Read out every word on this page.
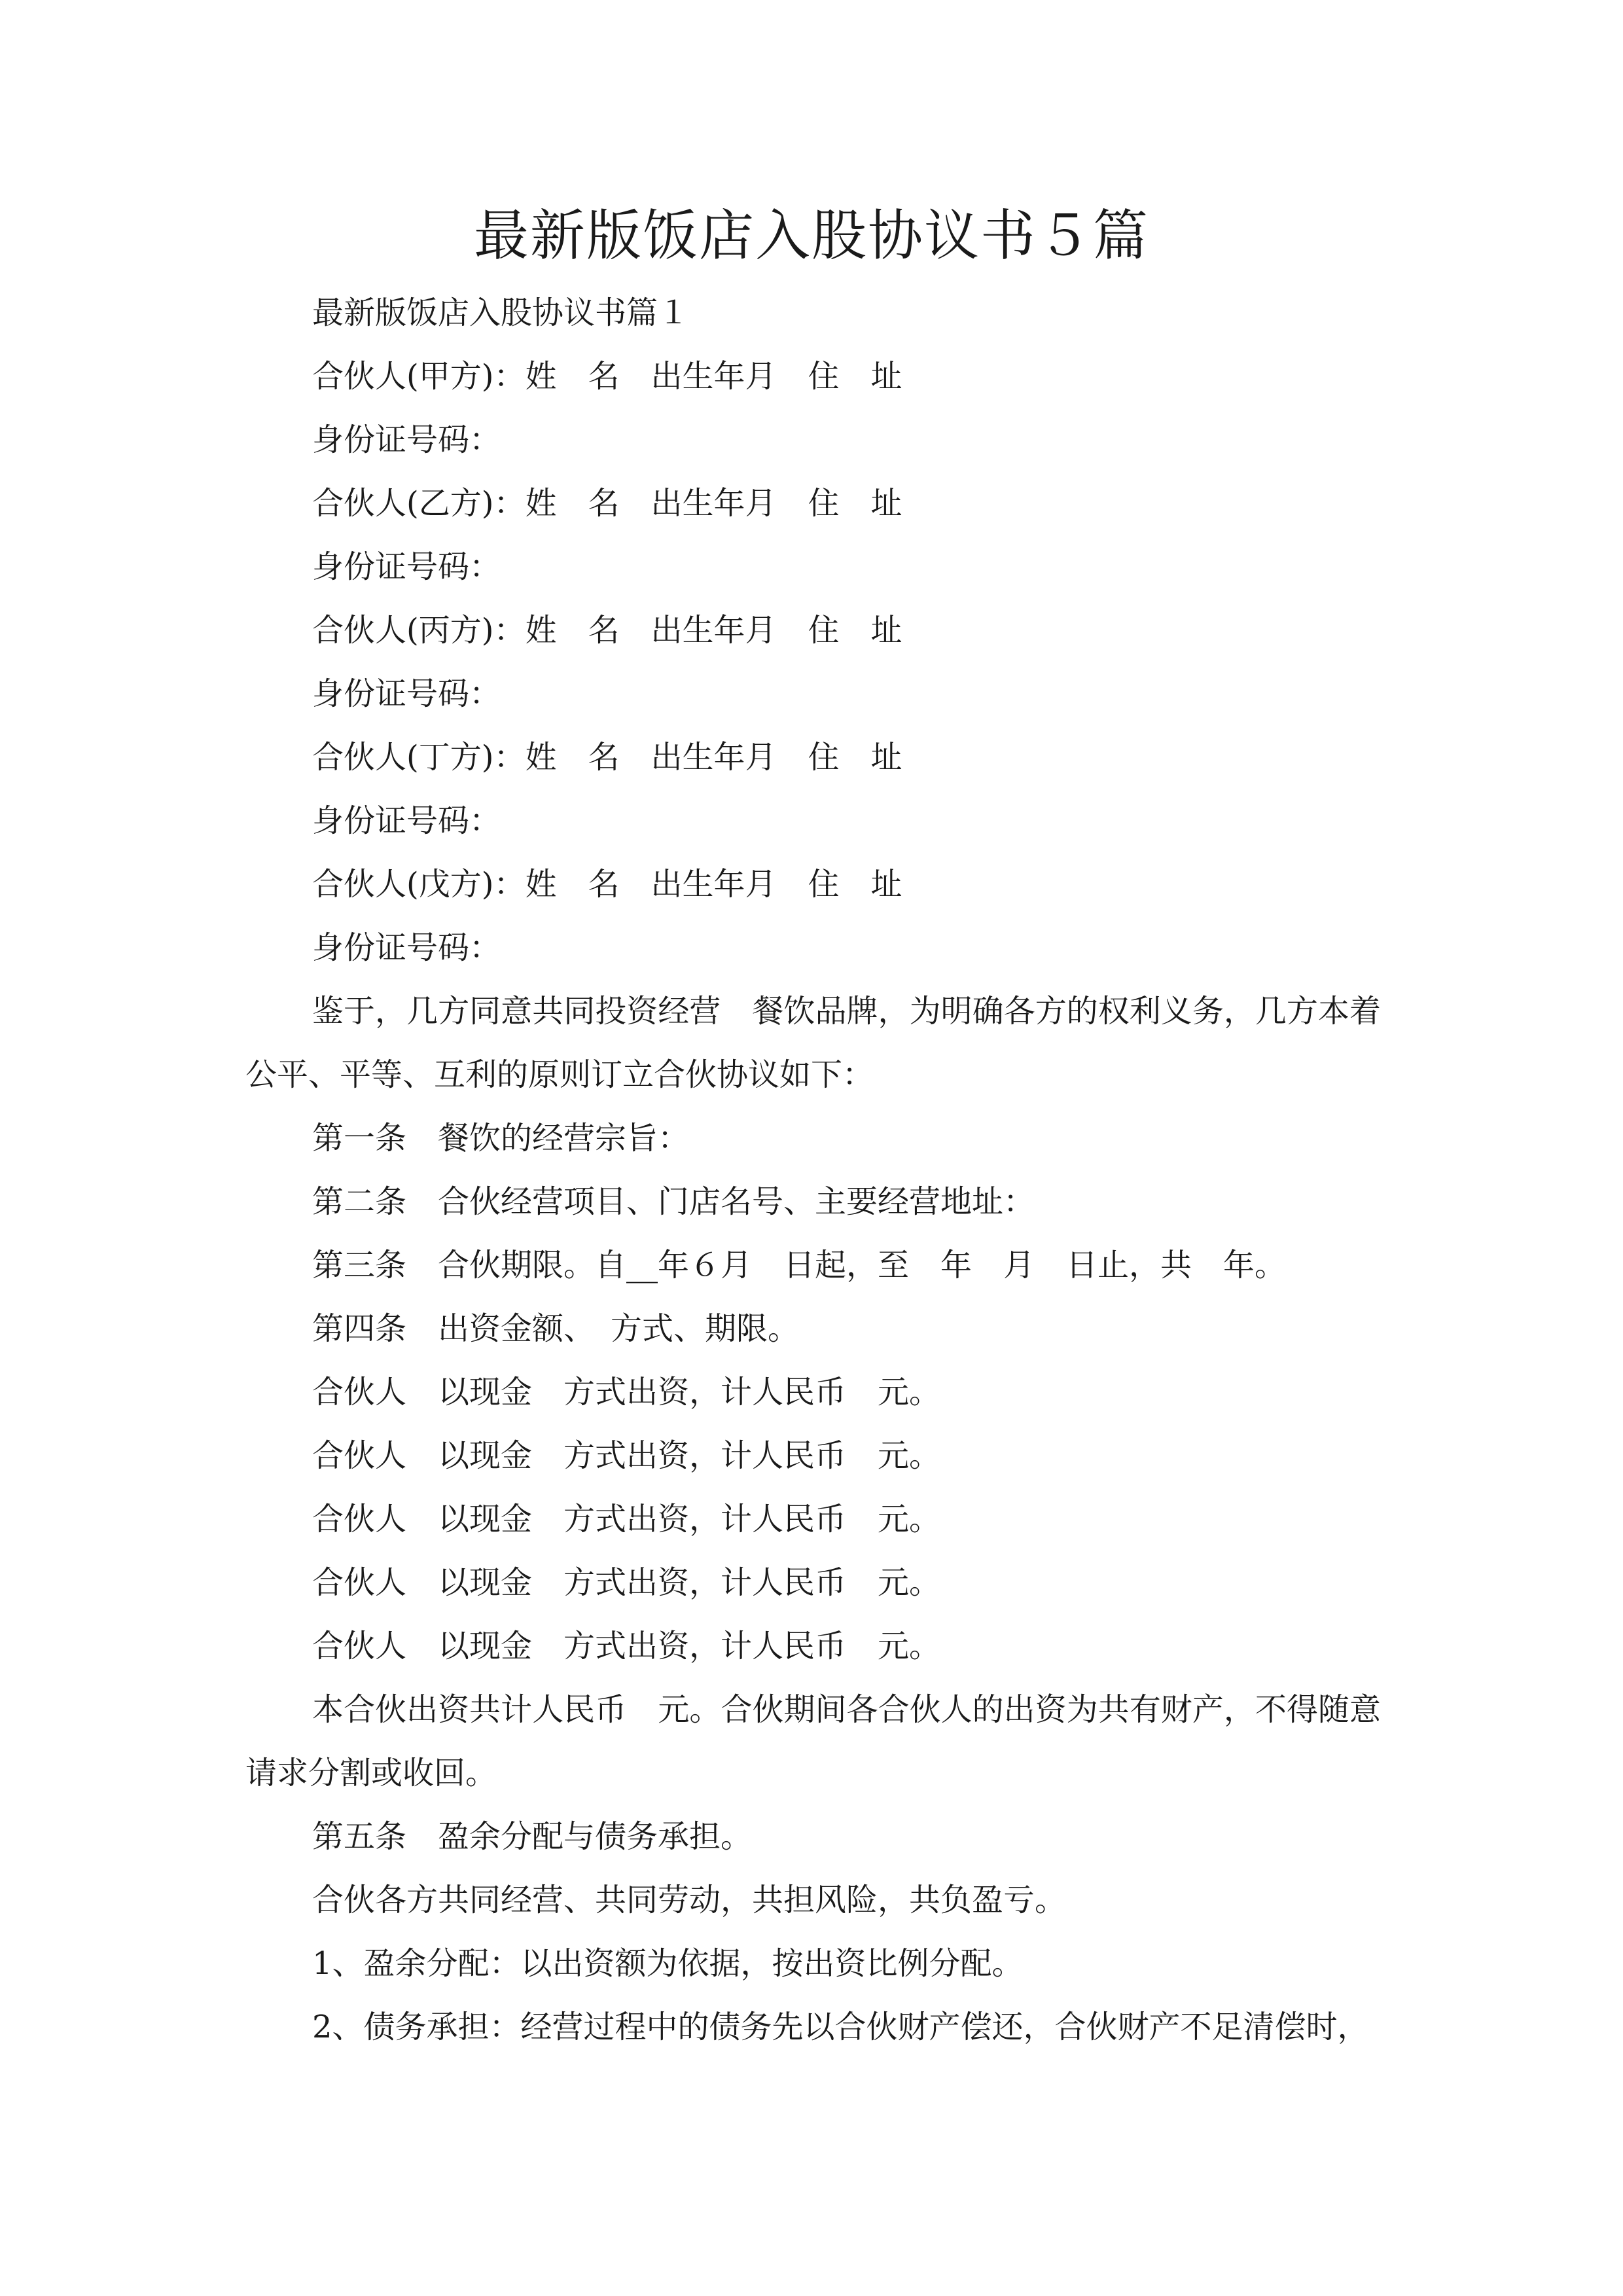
最新版饭店入股协议书５篇

最新版饭店入股协议书篇１

合伙人(甲方)：姓　名　出生年月　住　址

身份证号码：

合伙人(乙方)：姓　名　出生年月　住　址

身份证号码：

合伙人(丙方)：姓　名　出生年月　住　址

身份证号码：

合伙人(丁方)：姓　名　出生年月　住　址

身份证号码：

合伙人(戊方)：姓　名　出生年月　住　址

身份证号码：

鉴于，几方同意共同投资经营　餐饮品牌，为明确各方的权利义务，几方本着公平、平等、互利的原则订立合伙协议如下：

第一条　餐饮的经营宗旨：

第二条　合伙经营项目、门店名号、主要经营地址：

第三条　合伙期限。自__年６月　日起，至　年　月　日止，共　年。

第四条　出资金额、　方式、期限。

合伙人　以现金　方式出资，计人民币　元。

合伙人　以现金　方式出资，计人民币　元。

合伙人　以现金　方式出资，计人民币　元。

合伙人　以现金　方式出资，计人民币　元。

合伙人　以现金　方式出资，计人民币　元。

本合伙出资共计人民币　元。合伙期间各合伙人的出资为共有财产，不得随意请求分割或收回。

第五条　盈余分配与债务承担。

合伙各方共同经营、共同劳动，共担风险，共负盈亏。

1、盈余分配：以出资额为依据，按出资比例分配。

2、债务承担：经营过程中的债务先以合伙财产偿还，合伙财产不足清偿时，
